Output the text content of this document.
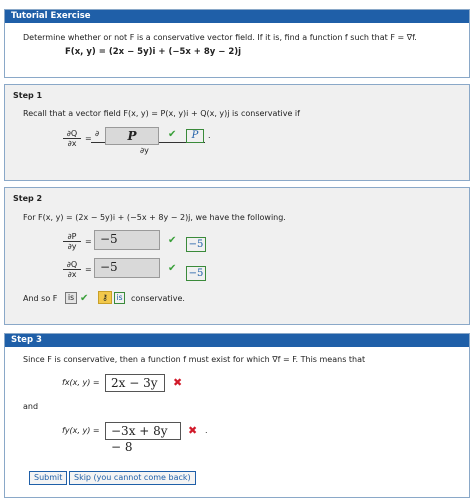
Tutorial Exercise
Determine whether or not F is a conservative vector field. If it is, find a function f such that F = ∇f.
F(x, y) = (2x − 5y)i + (−5x + 8y − 2)j
Step 1
Recall that a vector field F(x, y) = P(x, y)i + Q(x, y)j is conservative if
$\frac{\partial Q}{\partial x}$ =
∂	P	✔	P	.
∂y
Step 2
For F(x, y) = (2x − 5y)i + (−5x + 8y − 2)j, we have the following.
$\frac{\partial P}{\partial y} = -5$	✔ −5
$\frac{\partial Q}{\partial x} = -5$	✔ −5
And so F	is ✔	⚷	is	conservative.
Step 3
Since F is conservative, then a function f must exist for which ∇f = F. This means that
fx(x, y) = 2x − 3y	✖
and
fy(x, y) = −3x + 8y − 8
✖ .
Submit	Skip (you cannot come back)
